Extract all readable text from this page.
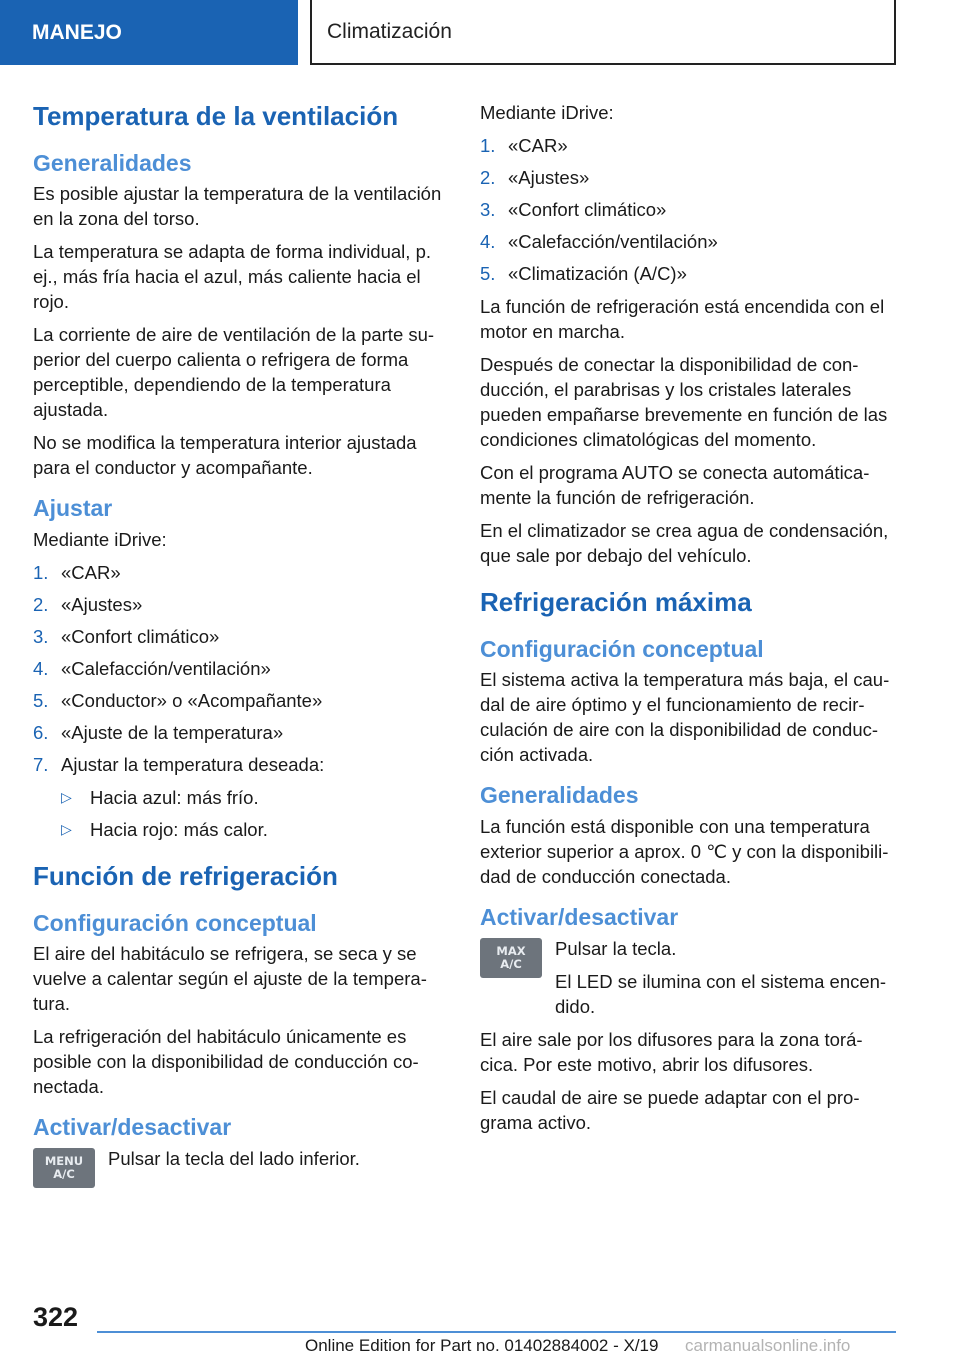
MANEJO	Climatización
Temperatura de la ventilación
Generalidades

Es posible ajustar la temperatura de la ventilación en la zona del torso.

La temperatura se adapta de forma individual, p. ej., más fría hacia el azul, más caliente hacia el rojo.

La corriente de aire de ventilación de la parte su-perior del cuerpo calienta o refrigera de forma perceptible, dependiendo de la temperatura ajustada.

No se modifica la temperatura interior ajustada para el conductor y acompañante.

Ajustar

Mediante iDrive:

1. «CAR»
2. «Ajustes»
3. «Confort climático»
4. «Calefacción/ventilación»
5. «Conductor» o «Acompañante»
6. «Ajuste de la temperatura»
7. Ajustar la temperatura deseada:
▷ Hacia azul: más frío.
▷ Hacia rojo: más calor.
Función de refrigeración
Configuración conceptual

El aire del habitáculo se refrigera, se seca y se vuelve a calentar según el ajuste de la tempera-tura.

La refrigeración del habitáculo únicamente es posible con la disponibilidad de conducción co-nectada.

Activar/desactivar
MENU
A/C

Pulsar la tecla del lado inferior.

Mediante iDrive:

1. «CAR»
2. «Ajustes»
3. «Confort climático»
4. «Calefacción/ventilación»
5. «Climatización (A/C)»

La función de refrigeración está encendida con el motor en marcha.

Después de conectar la disponibilidad de con-ducción, el parabrisas y los cristales laterales pueden empañarse brevemente en función de las condiciones climatológicas del momento.

Con el programa AUTO se conecta automática-mente la función de refrigeración.

En el climatizador se crea agua de condensación, que sale por debajo del vehículo.

Refrigeración máxima
Configuración conceptual

El sistema activa la temperatura más baja, el cau-dal de aire óptimo y el funcionamiento de recir-culación de aire con la disponibilidad de conduc-ción activada.

Generalidades

La función está disponible con una temperatura exterior superior a aprox. 0 ℃ y con la disponibili-dad de conducción conectada.

Activar/desactivar
MAX
A/C

Pulsar la tecla.

El LED se ilumina con el sistema encen-dido.

El aire sale por los difusores para la zona torá-cica. Por este motivo, abrir los difusores.

El caudal de aire se puede adaptar con el pro-grama activo.

322
Online Edition for Part no. 01402884002 - X/19 carmanualsonline.info
